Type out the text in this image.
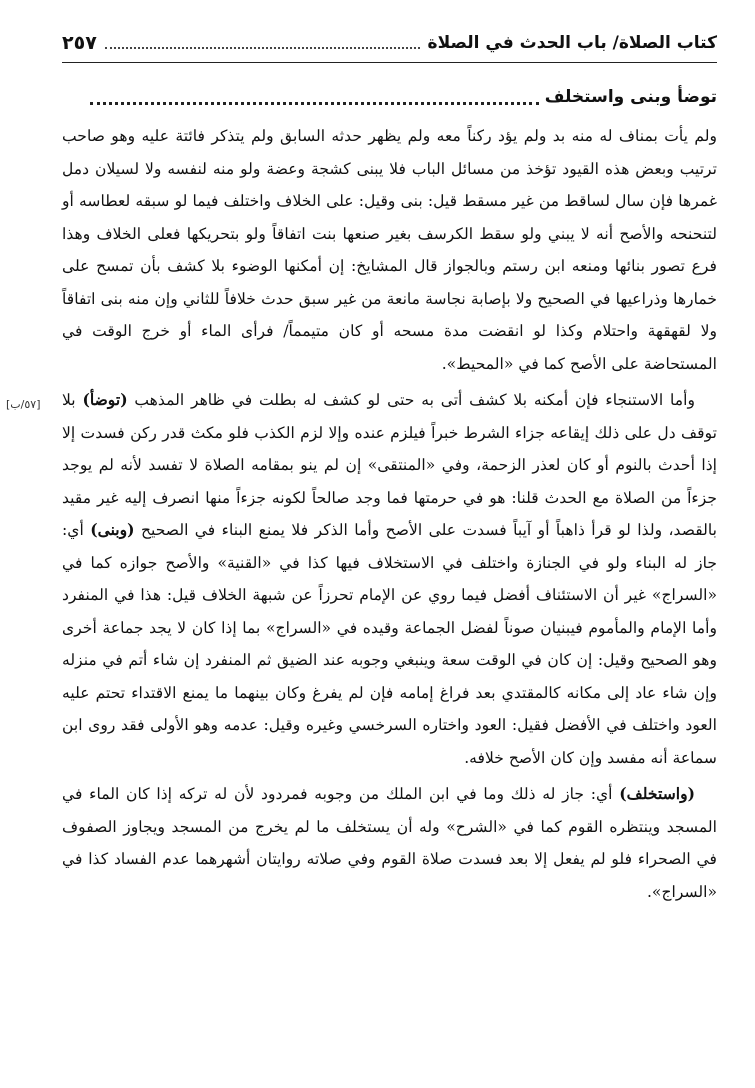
كتاب الصلاة/ باب الحدث في الصلاة
٢٥٧
توضأ وبنى واستخلف
[٥٧/ب]

ولم يأت بمناف له منه بد ولم يؤد ركناً معه ولم يظهر حدثه السابق ولم يتذكر فائتة عليه وهو صاحب ترتيب وبعض هذه القيود تؤخذ من مسائل الباب فلا يبنى كشجة وعضة ولو منه لنفسه ولا لسيلان دمل غمرها فإن سال لساقط من غير مسقط قيل: بنى وقيل: على الخلاف واختلف فيما لو سبقه لعطاسه أو لتنحنحه والأصح أنه لا يبني ولو سقط الكرسف بغير صنعها بنت اتفاقاً ولو بتحريكها فعلى الخلاف وهذا فرع تصور بنائها ومنعه ابن رستم وبالجواز قال المشايخ: إن أمكنها الوضوء بلا كشف بأن تمسح على خمارها وذراعيها في الصحيح ولا بإصابة نجاسة مانعة من غير سبق حدث خلافاً للثاني وإن منه بنى اتفاقاً ولا لقهقهة واحتلام وكذا لو انقضت مدة مسحه أو كان متيمماً/ فرأى الماء أو خرج الوقت في المستحاضة على الأصح كما في «المحيط».

وأما الاستنجاء فإن أمكنه بلا كشف أتى به حتى لو كشف له بطلت في ظاهر المذهب (توضأ) بلا توقف دل على ذلك إيقاعه جزاء الشرط خبراً فيلزم عنده وإلا لزم الكذب فلو مكث قدر ركن فسدت إلا إذا أحدث بالنوم أو كان لعذر الزحمة، وفي «المنتقى» إن لم ينو بمقامه الصلاة لا تفسد لأنه لم يوجد جزءاً من الصلاة مع الحدث قلنا: هو في حرمتها فما وجد صالحاً لكونه جزءاً منها انصرف إليه غير مقيد بالقصد، ولذا لو قرأ ذاهباً أو آيباً فسدت على الأصح وأما الذكر فلا يمنع البناء في الصحيح (وبنى) أي: جاز له البناء ولو في الجنازة واختلف في الاستخلاف فيها كذا في «القنية» والأصح جوازه كما في «السراج» غير أن الاستئناف أفضل فيما روي عن الإمام تحرزاً عن شبهة الخلاف قيل: هذا في المنفرد وأما الإمام والمأموم فيبنيان صوناً لفضل الجماعة وقيده في «السراج» بما إذا كان لا يجد جماعة أخرى وهو الصحيح وقيل: إن كان في الوقت سعة وينبغي وجوبه عند الضيق ثم المنفرد إن شاء أتم في منزله وإن شاء عاد إلى مكانه كالمقتدي بعد فراغ إمامه فإن لم يفرغ وكان بينهما ما يمنع الاقتداء تحتم عليه العود واختلف في الأفضل فقيل: العود واختاره السرخسي وغيره وقيل: عدمه وهو الأولى فقد روى ابن سماعة أنه مفسد وإن كان الأصح خلافه.

(واستخلف) أي: جاز له ذلك وما في ابن الملك من وجوبه فمردود لأن له تركه إذا كان الماء في المسجد وينتظره القوم كما في «الشرح» وله أن يستخلف ما لم يخرج من المسجد ويجاوز الصفوف في الصحراء فلو لم يفعل إلا بعد فسدت صلاة القوم وفي صلاته روايتان أشهرهما عدم الفساد كذا في «السراج».
